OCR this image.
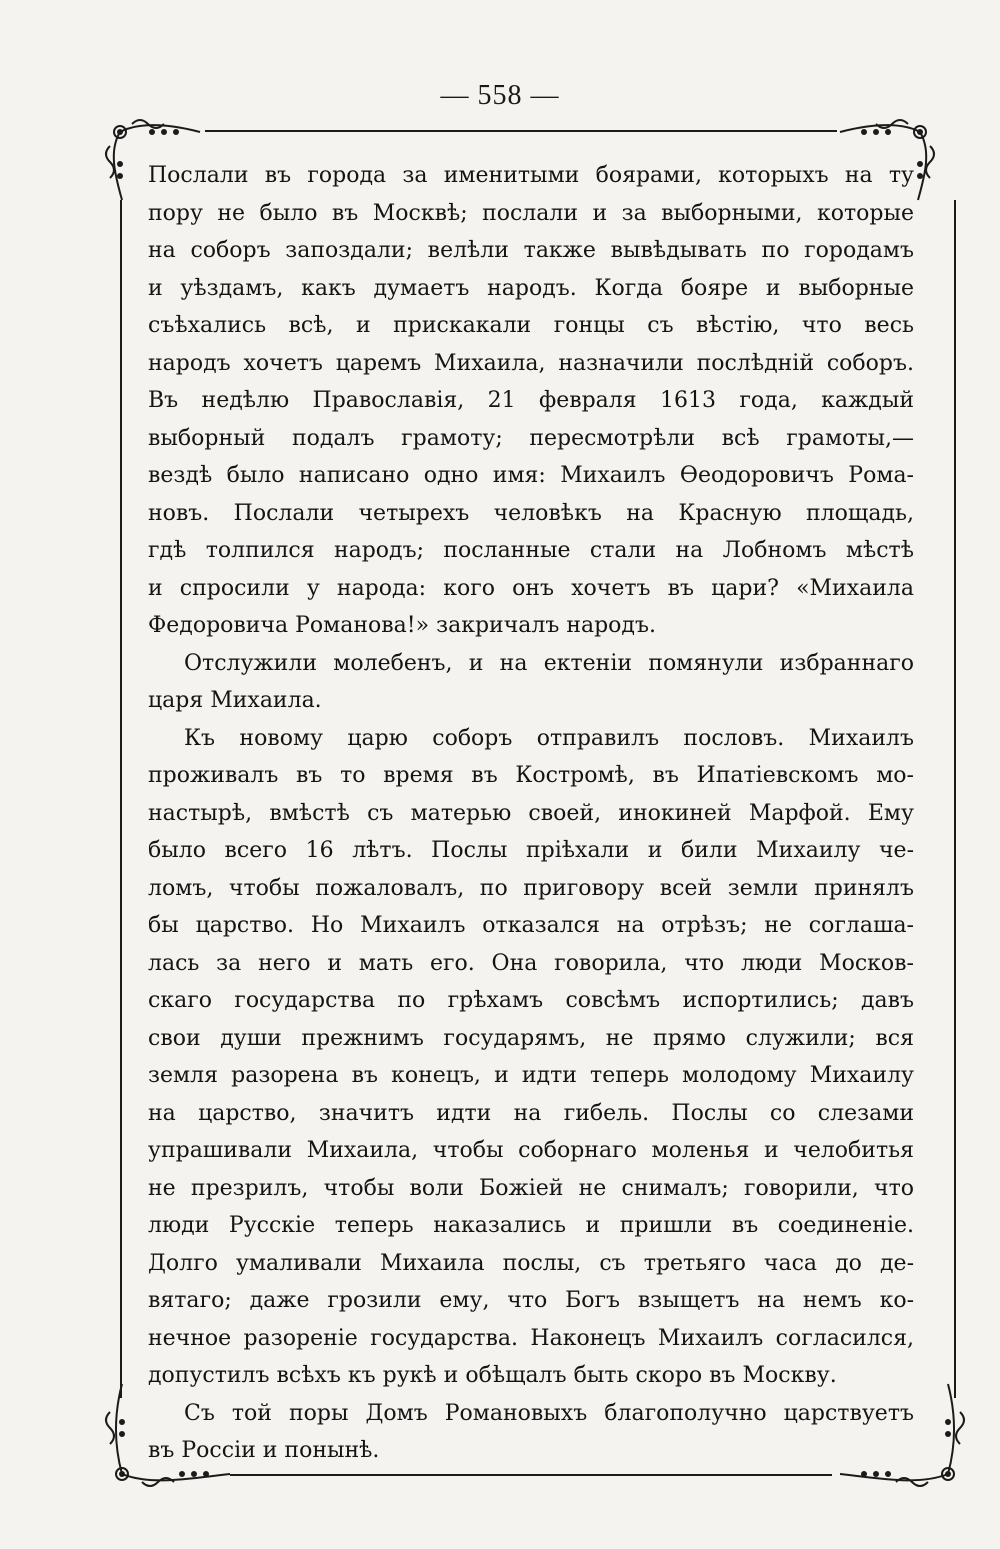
— 558 —
Послали въ города за именитыми боярами, которыхъ на ту
пору не было въ Москвѣ; послали и за выборными, которые
на соборъ запоздали; велѣли также вывѣдывать по городамъ
и уѣздамъ, какъ думаетъ народъ. Когда бояре и выборные
съѣхались всѣ, и прискакали гонцы съ вѣстію, что весь
народъ хочетъ царемъ Михаила, назначили послѣдній соборъ.
Въ недѣлю Православія, 21 февраля 1613 года, каждый
выборный подалъ грамоту; пересмотрѣли всѣ грамоты,—
вездѣ было написано одно имя: Михаилъ Ѳеодоровичъ Рома-
новъ. Послали четырехъ человѣкъ на Красную площадь,
гдѣ толпился народъ; посланные стали на Лобномъ мѣстѣ
и спросили у народа: кого онъ хочетъ въ цари? «Михаила
Федоровича Романова!» закричалъ народъ.
Отслужили молебенъ, и на ектеніи помянули избраннаго
царя Михаила.
Къ новому царю соборъ отправилъ пословъ. Михаилъ
проживалъ въ то время въ Костромѣ, въ Ипатіевскомъ мо-
настырѣ, вмѣстѣ съ матерью своей, инокиней Марфой. Ему
было всего 16 лѣтъ. Послы пріѣхали и били Михаилу че-
ломъ, чтобы пожаловалъ, по приговору всей земли принялъ
бы царство. Но Михаилъ отказался на отрѣзъ; не соглаша-
лась за него и мать его. Она говорила, что люди Москов-
скаго государства по грѣхамъ совсѣмъ испортились; давъ
свои души прежнимъ государямъ, не прямо служили; вся
земля разорена въ конецъ, и идти теперь молодому Михаилу
на царство, значитъ идти на гибель. Послы со слезами
упрашивали Михаила, чтобы соборнаго моленья и челобитья
не презрилъ, чтобы воли Божіей не снималъ; говорили, что
люди Русскіе теперь наказались и пришли въ соединеніе.
Долго умаливали Михаила послы, съ третьяго часа до де-
вятаго; даже грозили ему, что Богъ взыщетъ на немъ ко-
нечное разореніе государства. Наконецъ Михаилъ согласился,
допустилъ всѣхъ къ рукѣ и обѣщалъ быть скоро въ Москву.
Съ той поры Домъ Романовыхъ благополучно царствуетъ
въ Россіи и понынѣ.
